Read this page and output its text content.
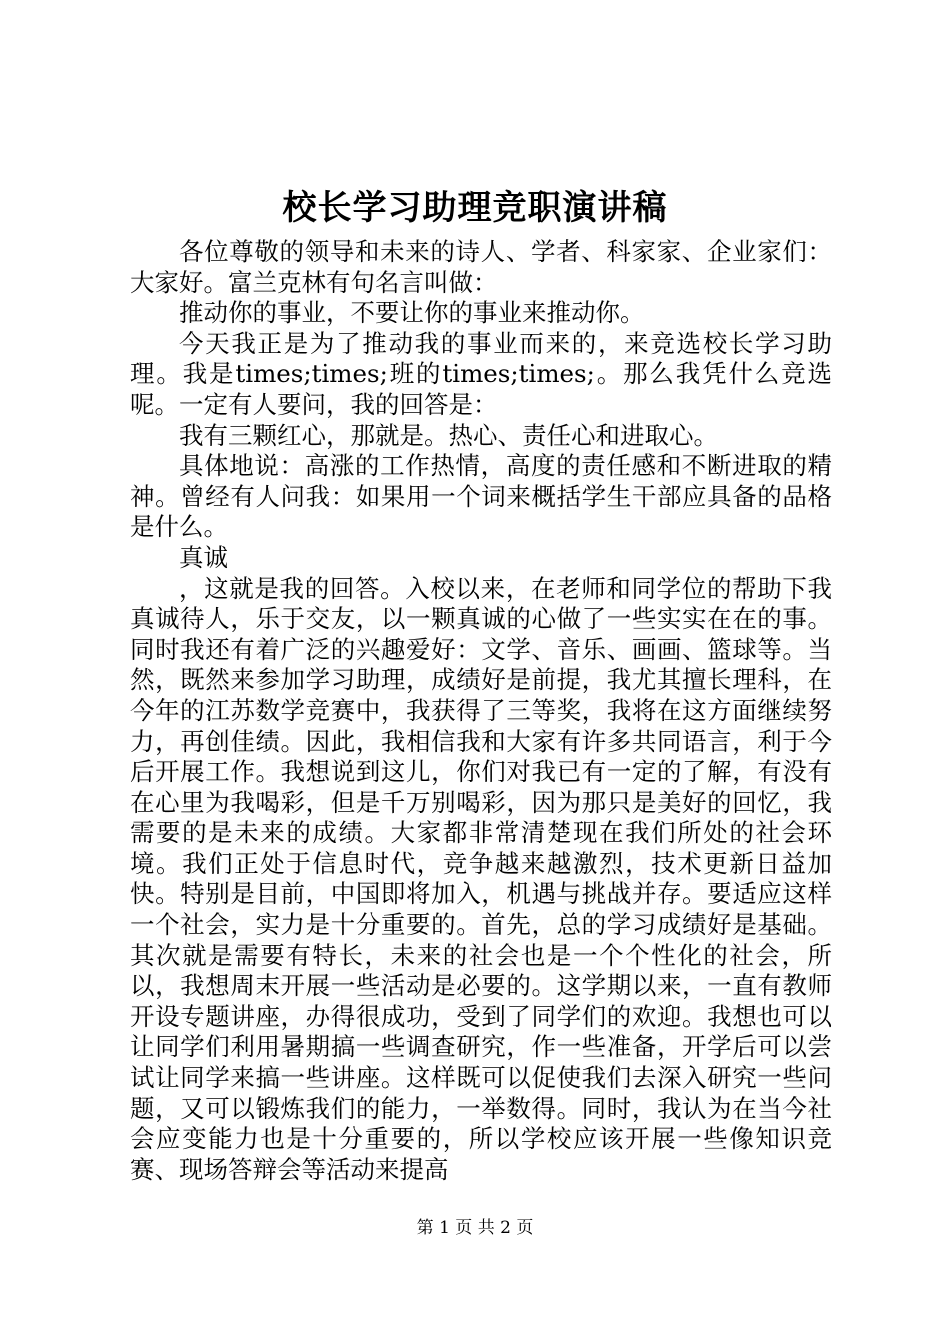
校长学习助理竞职演讲稿

各位尊敬的领导和未来的诗人、学者、科家家、企业家们：大家好。富兰克林有句名言叫做：

推动你的事业，不要让你的事业来推动你。

今天我正是为了推动我的事业而来的，来竞选校长学习助理。我是times;times;班的times;times;。那么我凭什么竞选呢。一定有人要问，我的回答是：

我有三颗红心，那就是。热心、责任心和进取心。

具体地说：高涨的工作热情，高度的责任感和不断进取的精神。曾经有人问我：如果用一个词来概括学生干部应具备的品格是什么。

真诚

，这就是我的回答。入校以来，在老师和同学位的帮助下我真诚待人，乐于交友，以一颗真诚的心做了一些实实在在的事。同时我还有着广泛的兴趣爱好：文学、音乐、画画、篮球等。当然，既然来参加学习助理，成绩好是前提，我尤其擅长理科，在今年的江苏数学竞赛中，我获得了三等奖，我将在这方面继续努力，再创佳绩。因此，我相信我和大家有许多共同语言，利于今后开展工作。我想说到这儿，你们对我已有一定的了解，有没有在心里为我喝彩，但是千万别喝彩，因为那只是美好的回忆，我需要的是未来的成绩。大家都非常清楚现在我们所处的社会环境。我们正处于信息时代，竞争越来越激烈，技术更新日益加快。特别是目前，中国即将加入，机遇与挑战并存。要适应这样一个社会，实力是十分重要的。首先，总的学习成绩好是基础。其次就是需要有特长，未来的社会也是一个个性化的社会，所以，我想周末开展一些活动是必要的。这学期以来，一直有教师开设专题讲座，办得很成功，受到了同学们的欢迎。我想也可以让同学们利用暑期搞一些调查研究，作一些准备，开学后可以尝试让同学来搞一些讲座。这样既可以促使我们去深入研究一些问题，又可以锻炼我们的能力，一举数得。同时，我认为在当今社会应变能力也是十分重要的，所以学校应该开展一些像知识竞赛、现场答辩会等活动来提高

第 1 页 共 2 页
